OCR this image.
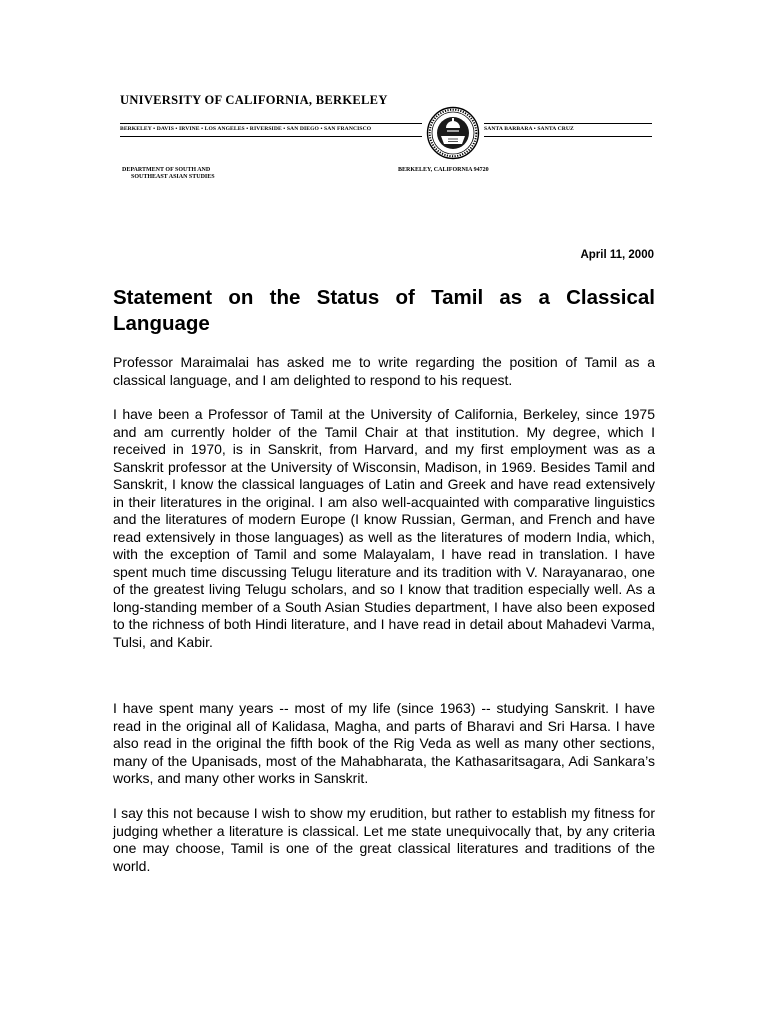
UNIVERSITY OF CALIFORNIA, BERKELEY
BERKELEY • DAVIS • IRVINE • LOS ANGELES • RIVERSIDE • SAN DIEGO • SAN FRANCISCO	SANTA BARBARA • SANTA CRUZ
DEPARTMENT OF SOUTH AND
SOUTHEAST ASIAN STUDIES
BERKELEY, CALIFORNIA 94720
April 11, 2000
Statement on the Status of Tamil as a Classical Language

Professor Maraimalai has asked me to write regarding the position of Tamil as a classical language, and I am delighted to respond to his request.

I have been a Professor of Tamil at the University of California, Berkeley, since 1975 and am currently holder of the Tamil Chair at that institution. My degree, which I received in 1970, is in Sanskrit, from Harvard, and my first employment was as a Sanskrit professor at the University of Wisconsin, Madison, in 1969. Besides Tamil and Sanskrit, I know the classical languages of Latin and Greek and have read extensively in their literatures in the original. I am also well-acquainted with comparative linguistics and the literatures of modern Europe (I know Russian, German, and French and have read extensively in those languages) as well as the literatures of modern India, which, with the exception of Tamil and some Malayalam, I have read in translation. I have spent much time discussing Telugu literature and its tradition with V. Narayanarao, one of the greatest living Telugu scholars, and so I know that tradition especially well. As a long-standing member of a South Asian Studies department, I have also been exposed to the richness of both Hindi literature, and I have read in detail about Mahadevi Varma, Tulsi, and Kabir.

I have spent many years -- most of my life (since 1963) -- studying Sanskrit. I have read in the original all of Kalidasa, Magha, and parts of Bharavi and Sri Harsa. I have also read in the original the fifth book of the Rig Veda as well as many other sections, many of the Upanisads, most of the Mahabharata, the Kathasaritsagara, Adi Sankara’s works, and many other works in Sanskrit.

I say this not because I wish to show my erudition, but rather to establish my fitness for judging whether a literature is classical. Let me state unequivocally that, by any criteria one may choose, Tamil is one of the great classical literatures and traditions of the world.
